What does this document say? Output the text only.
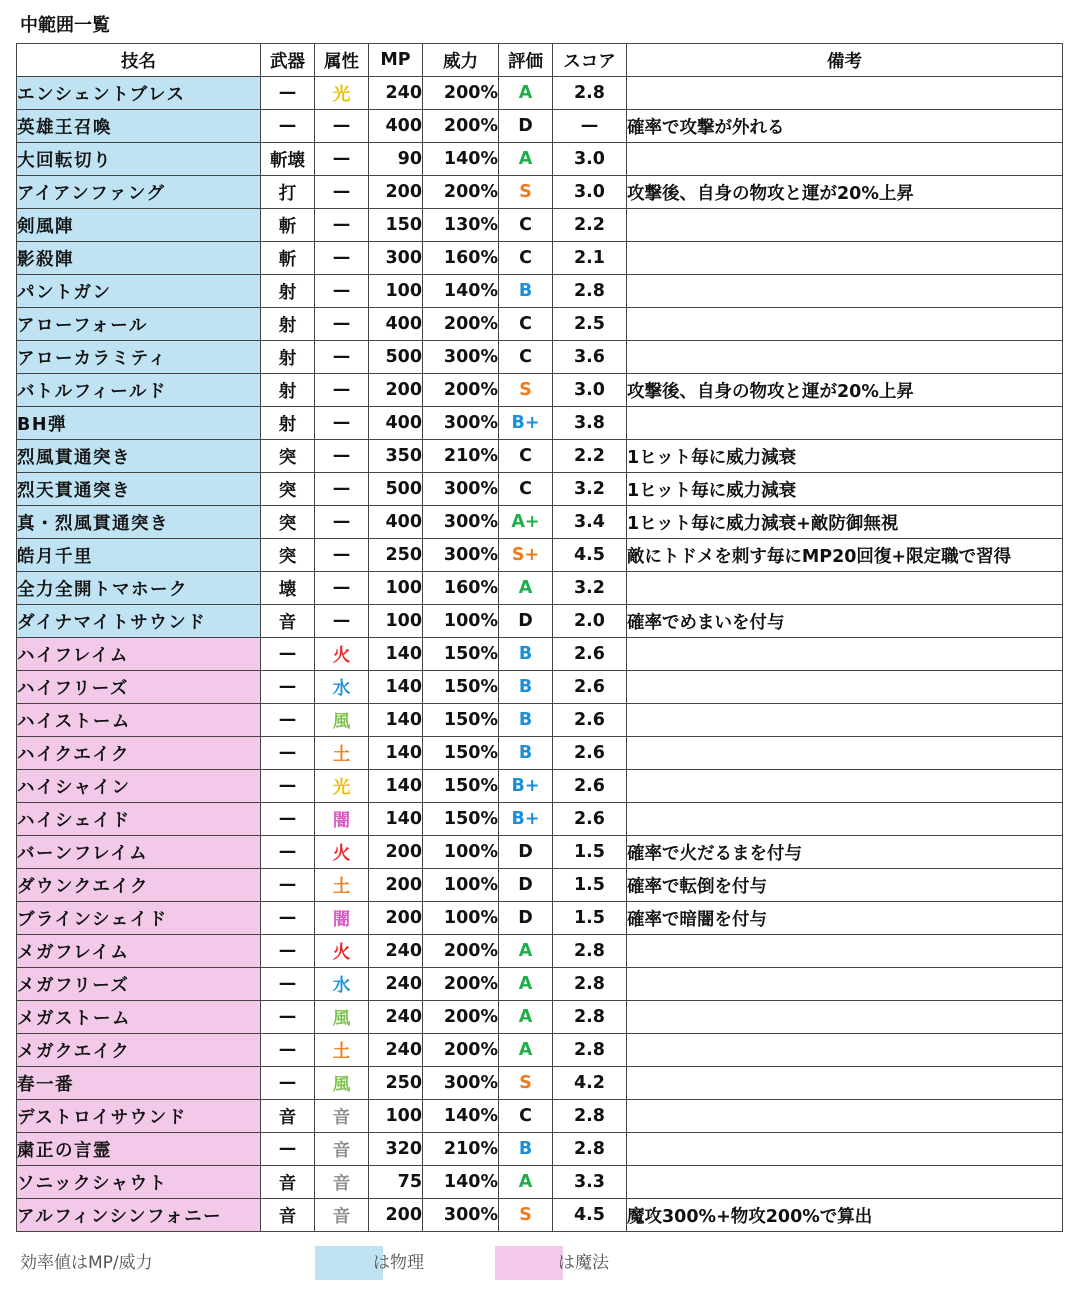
中範囲一覧
技名	武器	属性	MP	威力	評価	スコア	備考
エンシェントブレス	—	光	240	200%	A	2.8	
英雄王召喚	—	—	400	200%	D	—	確率で攻撃が外れる
大回転切り	斬壊	—	90	140%	A	3.0	
アイアンファング	打	—	200	200%	S	3.0	攻撃後、自身の物攻と運が20%上昇
剣風陣	斬	—	150	130%	C	2.2	
影殺陣	斬	—	300	160%	C	2.1	
パントガン	射	—	100	140%	B	2.8	
アローフォール	射	—	400	200%	C	2.5	
アローカラミティ	射	—	500	300%	C	3.6	
バトルフィールド	射	—	200	200%	S	3.0	攻撃後、自身の物攻と運が20%上昇
BH弾	射	—	400	300%	B+	3.8	
烈風貫通突き	突	—	350	210%	C	2.2	1ヒット毎に威力減衰
烈天貫通突き	突	—	500	300%	C	3.2	1ヒット毎に威力減衰
真・烈風貫通突き	突	—	400	300%	A+	3.4	1ヒット毎に威力減衰+敵防御無視
皓月千里	突	—	250	300%	S+	4.5	敵にトドメを刺す毎にMP20回復+限定職で習得
全力全開トマホーク	壊	—	100	160%	A	3.2	
ダイナマイトサウンド	音	—	100	100%	D	2.0	確率でめまいを付与
ハイフレイム	—	火	140	150%	B	2.6	
ハイフリーズ	—	水	140	150%	B	2.6	
ハイストーム	—	風	140	150%	B	2.6	
ハイクエイク	—	土	140	150%	B	2.6	
ハイシャイン	—	光	140	150%	B+	2.6	
ハイシェイド	—	闇	140	150%	B+	2.6	
バーンフレイム	—	火	200	100%	D	1.5	確率で火だるまを付与
ダウンクエイク	—	土	200	100%	D	1.5	確率で転倒を付与
ブラインシェイド	—	闇	200	100%	D	1.5	確率で暗闇を付与
メガフレイム	—	火	240	200%	A	2.8	
メガフリーズ	—	水	240	200%	A	2.8	
メガストーム	—	風	240	200%	A	2.8	
メガクエイク	—	土	240	200%	A	2.8	
春一番	—	風	250	300%	S	4.2	
デストロイサウンド	音	音	100	140%	C	2.8	
粛正の言霊	—	音	320	210%	B	2.8	
ソニックシャウト	音	音	75	140%	A	3.3	
アルフィンシンフォニー	音	音	200	300%	S	4.5	魔攻300%+物攻200%で算出
効率値はMP/威力	は物理	は魔法
